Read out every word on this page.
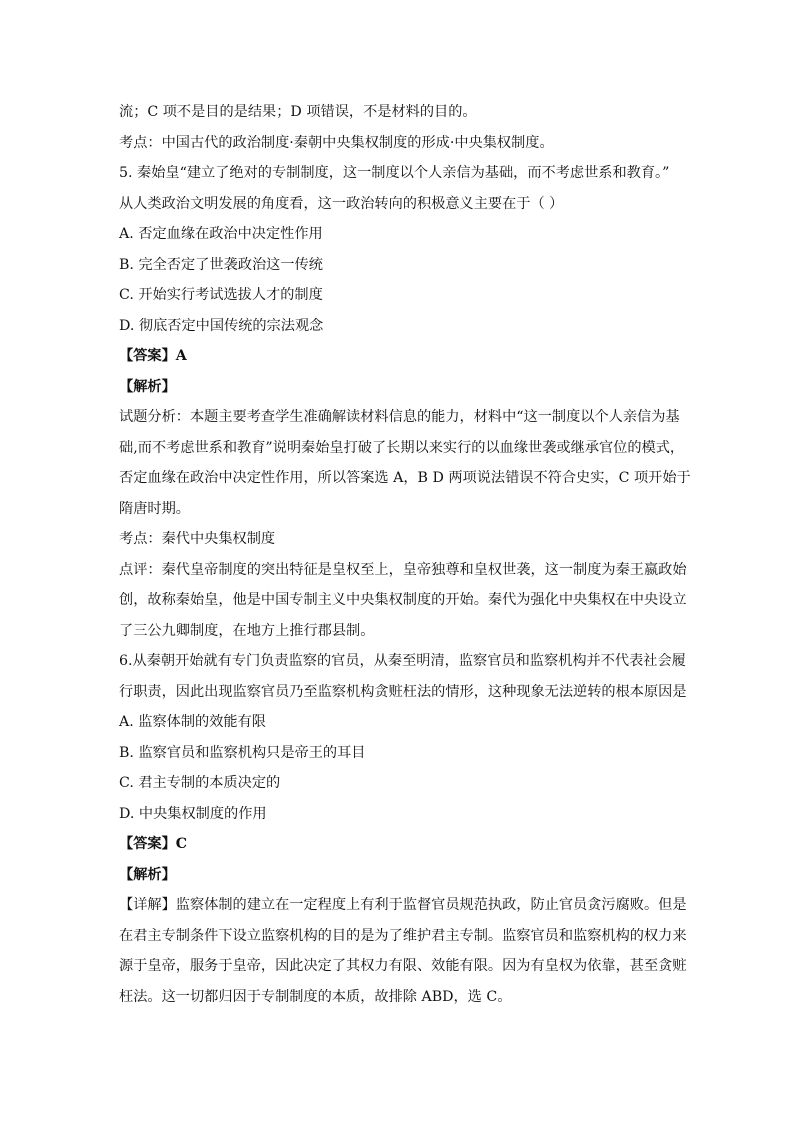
流；C 项不是目的是结果；D 项错误，不是材料的目的。
考点：中国古代的政治制度·秦朝中央集权制度的形成·中央集权制度。
5. 秦始皇“建立了绝对的专制制度，这一制度以个人亲信为基础，而不考虑世系和教育。”
从人类政治文明发展的角度看，这一政治转向的积极意义主要在于（ ）
A. 否定血缘在政治中决定性作用
B. 完全否定了世袭政治这一传统
C. 开始实行考试选拔人才的制度
D. 彻底否定中国传统的宗法观念
【答案】A
【解析】
试题分析：本题主要考查学生准确解读材料信息的能力，材料中“这一制度以个人亲信为基
础,而不考虑世系和教育”说明秦始皇打破了长期以来实行的以血缘世袭或继承官位的模式，
否定血缘在政治中决定性作用，所以答案选 A，B D 两项说法错误不符合史实，C 项开始于
隋唐时期。
考点：秦代中央集权制度
点评：秦代皇帝制度的突出特征是皇权至上，皇帝独尊和皇权世袭，这一制度为秦王嬴政始
创，故称秦始皇，他是中国专制主义中央集权制度的开始。秦代为强化中央集权在中央设立
了三公九卿制度，在地方上推行郡县制。
6.从秦朝开始就有专门负责监察的官员，从秦至明清，监察官员和监察机构并不代表社会履
行职责，因此出现监察官员乃至监察机构贪赃枉法的情形，这种现象无法逆转的根本原因是
A. 监察体制的效能有限
B. 监察官员和监察机构只是帝王的耳目
C. 君主专制的本质决定的
D. 中央集权制度的作用
【答案】C
【解析】
【详解】监察体制的建立在一定程度上有利于监督官员规范执政，防止官员贪污腐败。但是
在君主专制条件下设立监察机构的目的是为了维护君主专制。监察官员和监察机构的权力来
源于皇帝，服务于皇帝，因此决定了其权力有限、效能有限。因为有皇权为依靠，甚至贪赃
枉法。这一切都归因于专制制度的本质，故排除 ABD，选 C。
